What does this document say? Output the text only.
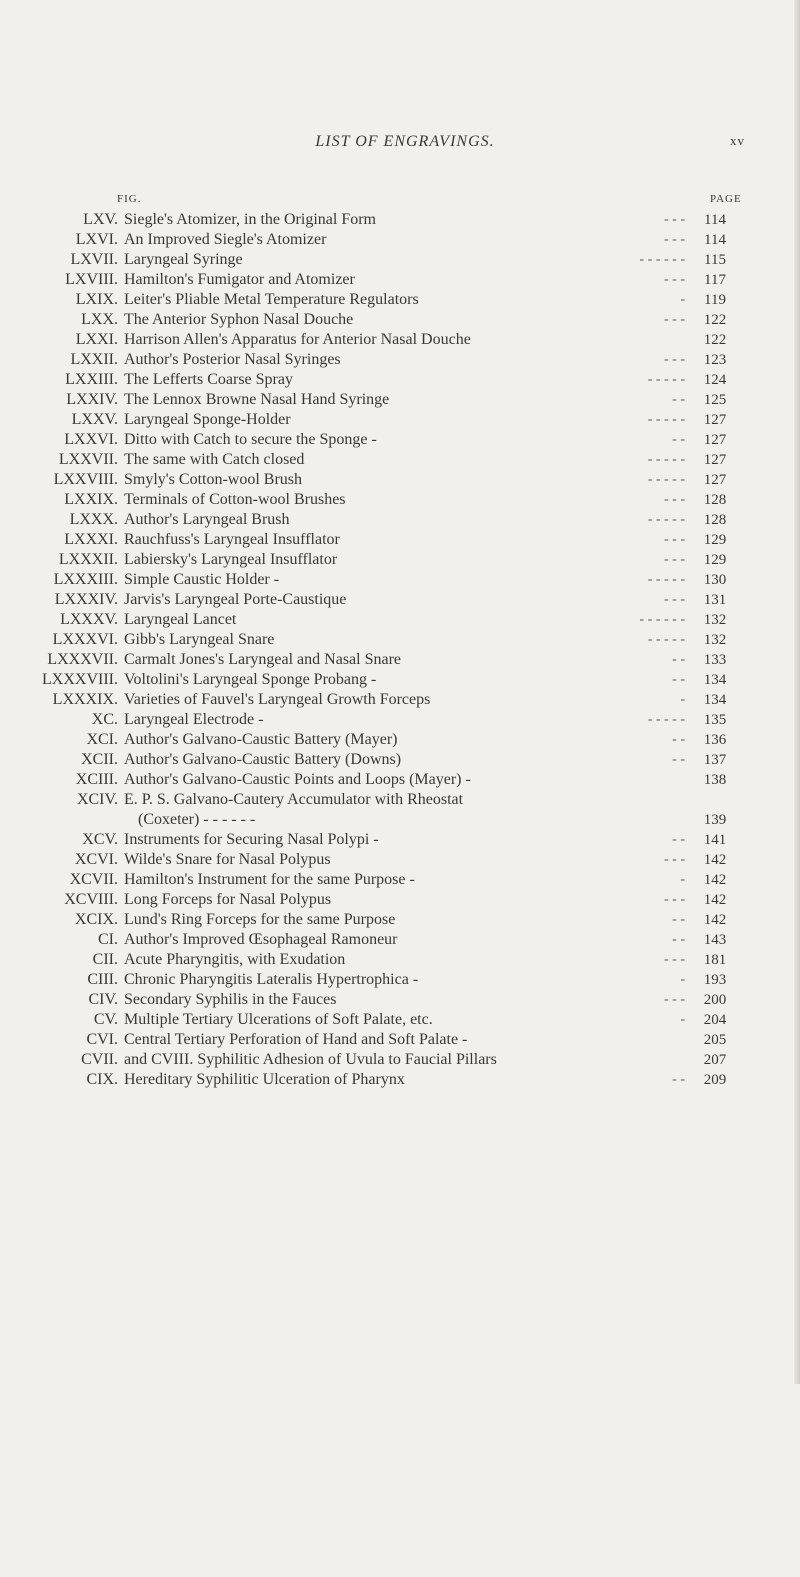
LIST OF ENGRAVINGS.	xv
FIG.	PAGE
LXV. Siegle's Atomizer, in the Original Form	114
- - -
LXVI. An Improved Siegle's Atomizer	114
- - -
LXVII. Laryngeal Syringe	115
- - - - - -
LXVIII. Hamilton's Fumigator and Atomizer	117
- - -
LXIX. Leiter's Pliable Metal Temperature Regulators	119
-
LXX. The Anterior Syphon Nasal Douche	122
- - -
LXXI. Harrison Allen's Apparatus for Anterior Nasal Douche	122
LXXII. Author's Posterior Nasal Syringes	123
- - -
LXXIII. The Lefferts Coarse Spray	124
- - - - -
LXXIV. The Lennox Browne Nasal Hand Syringe	125
- -
LXXV. Laryngeal Sponge-Holder	127
- - - - -
LXXVI. Ditto with Catch to secure the Sponge -	127
- -
LXXVII. The same with Catch closed	127
- - - - -
LXXVIII. Smyly's Cotton-wool Brush	127
- - - - -
LXXIX. Terminals of Cotton-wool Brushes	128
- - -
LXXX. Author's Laryngeal Brush	128
- - - - -
LXXXI. Rauchfuss's Laryngeal Insufflator	129
- - -
LXXXII. Labiersky's Laryngeal Insufflator	129
- - -
LXXXIII. Simple Caustic Holder -	130
- - - - -
LXXXIV. Jarvis's Laryngeal Porte-Caustique	131
- - -
LXXXV. Laryngeal Lancet	132
- - - - - -
LXXXVI. Gibb's Laryngeal Snare	132
- - - - -
LXXXVII. Carmalt Jones's Laryngeal and Nasal Snare	133
- -
LXXXVIII. Voltolini's Laryngeal Sponge Probang -	134
- -
LXXXIX. Varieties of Fauvel's Laryngeal Growth Forceps	134
-
XC. Laryngeal Electrode -	135
- - - - -
XCI. Author's Galvano-Caustic Battery (Mayer)	136
- -
XCII. Author's Galvano-Caustic Battery (Downs)	137
- -
XCIII. Author's Galvano-Caustic Points and Loops (Mayer) -	138
XCIV. E. P. S. Galvano-Cautery Accumulator with Rheostat
(Coxeter) - - - - - -	139
XCV. Instruments for Securing Nasal Polypi -	141
- -
XCVI. Wilde's Snare for Nasal Polypus	142
- - -
XCVII. Hamilton's Instrument for the same Purpose -	142
-
XCVIII. Long Forceps for Nasal Polypus	142
- - -
XCIX. Lund's Ring Forceps for the same Purpose	142
- -
CI. Author's Improved Œsophageal Ramoneur	143
- -
CII. Acute Pharyngitis, with Exudation	181
- - -
CIII. Chronic Pharyngitis Lateralis Hypertrophica -	193
-
CIV. Secondary Syphilis in the Fauces	200
- - -
CV. Multiple Tertiary Ulcerations of Soft Palate, etc.	204
-
CVI. Central Tertiary Perforation of Hand and Soft Palate -	205
CVII. and CVIII. Syphilitic Adhesion of Uvula to Faucial Pillars	207
CIX. Hereditary Syphilitic Ulceration of Pharynx	209
- -
